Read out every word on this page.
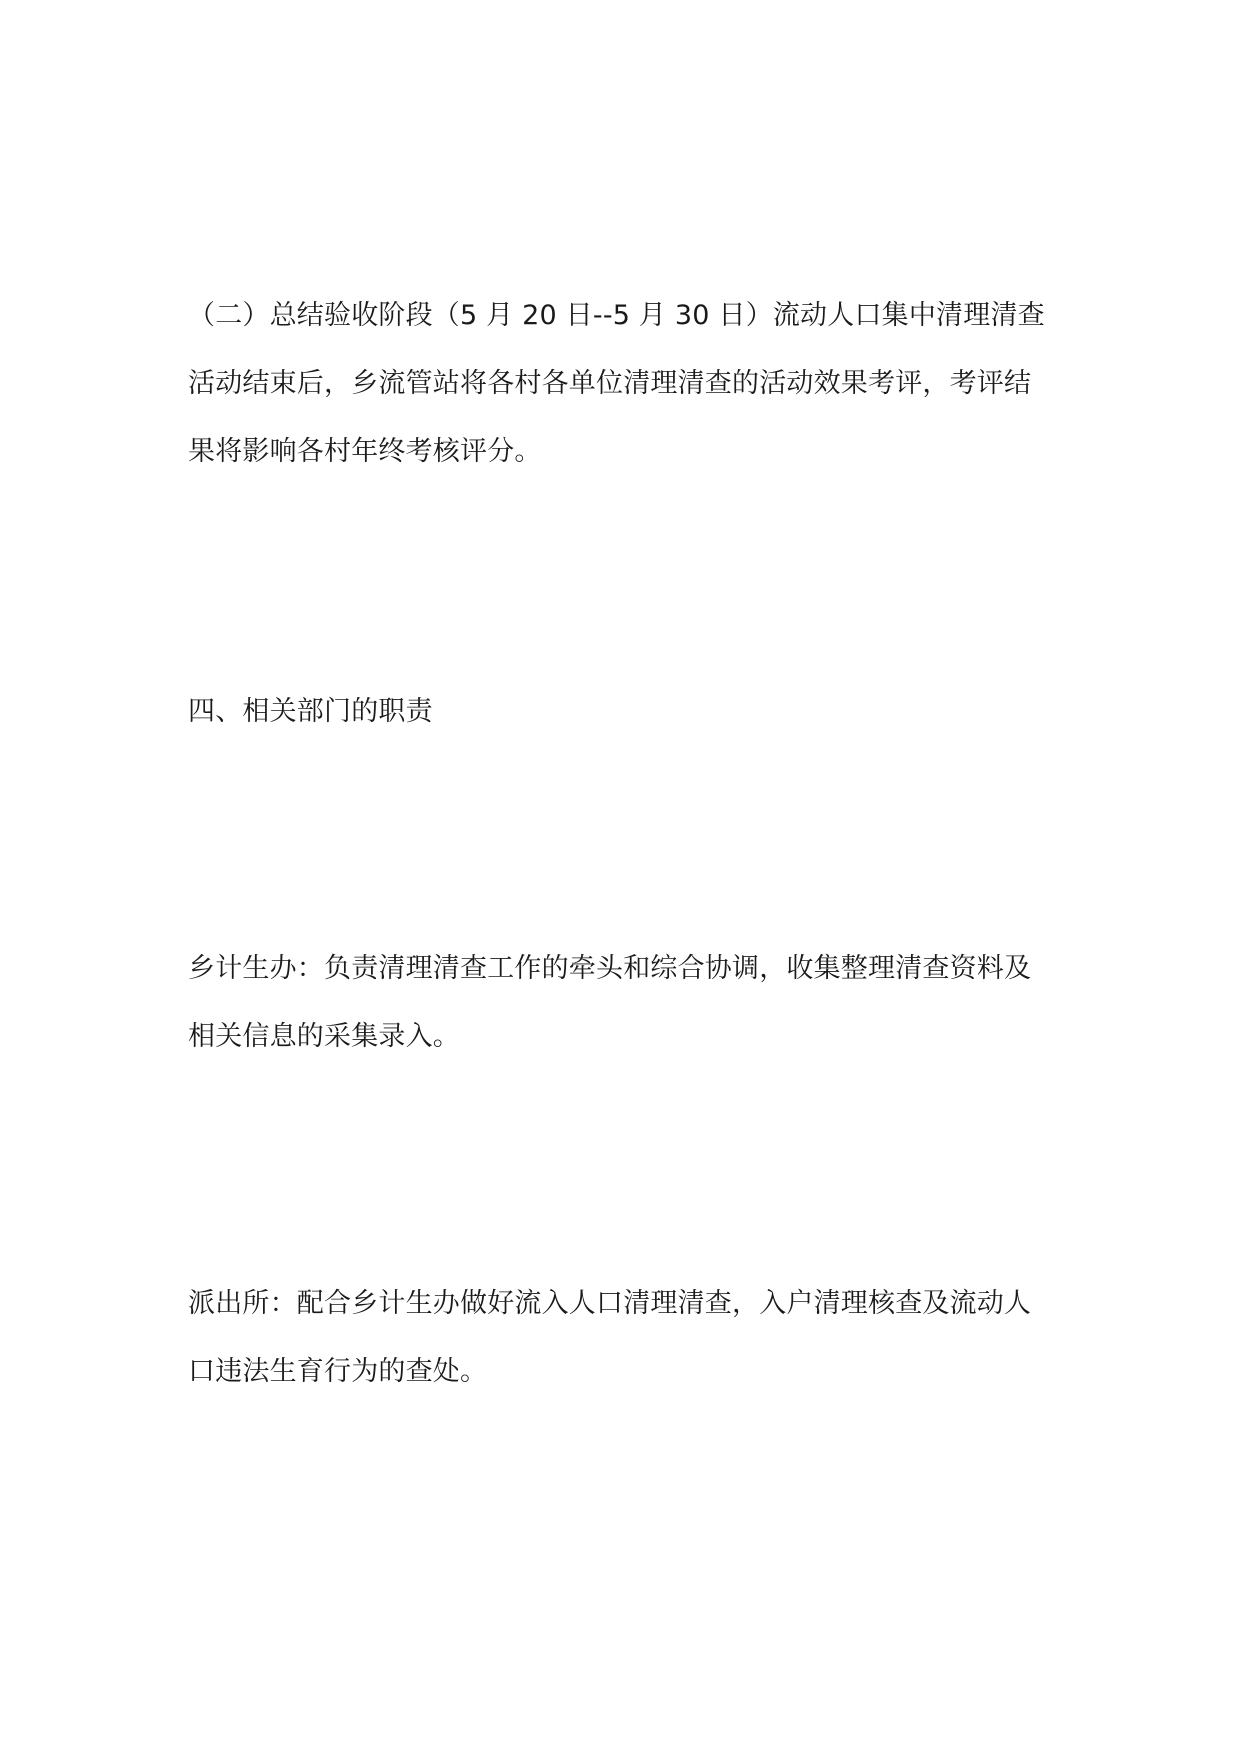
（二）总结验收阶段（5 月 20 日--5 月 30 日）流动人口集中清理清查活动结束后，乡流管站将各村各单位清理清查的活动效果考评，考评结果将影响各村年终考核评分。

四、相关部门的职责

乡计生办：负责清理清查工作的牵头和综合协调，收集整理清查资料及相关信息的采集录入。

派出所：配合乡计生办做好流入人口清理清查，入户清理核查及流动人口违法生育行为的查处。
